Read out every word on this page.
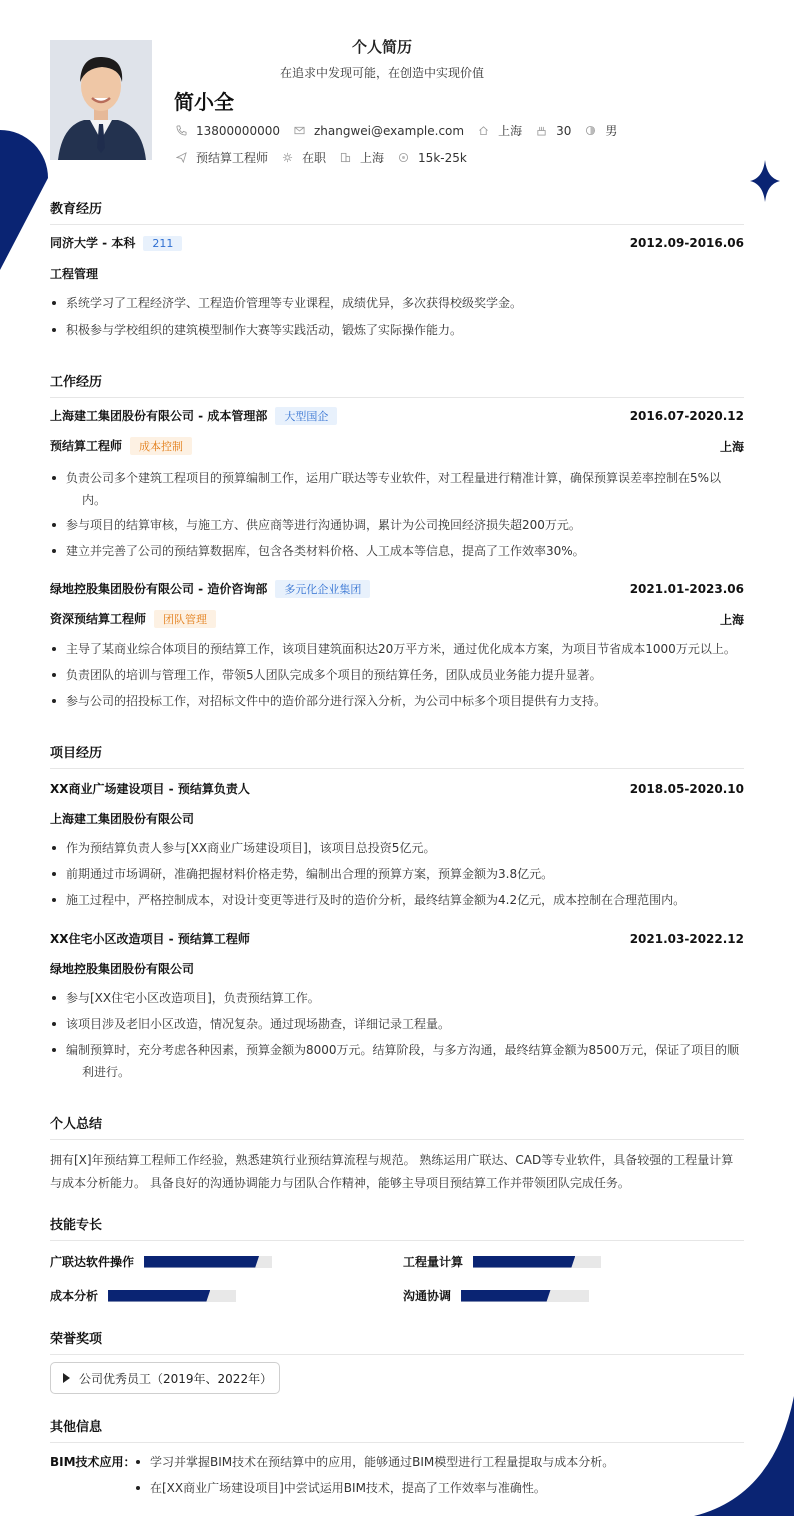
个人简历
在追求中发现可能，在创造中实现价值
简小全
13800000000	zhangwei@example.com	上海	30	男
预结算工程师	在职	上海	15k-25k
教育经历
同济大学 - 本科 211	2012.09-2016.06
工程管理
系统学习了工程经济学、工程造价管理等专业课程，成绩优异，多次获得校级奖学金。
积极参与学校组织的建筑模型制作大赛等实践活动，锻炼了实际操作能力。
工作经历
上海建工集团股份有限公司 - 成本管理部 大型国企	2016.07-2020.12
预结算工程师 成本控制	上海
负责公司多个建筑工程项目的预算编制工作，运用广联达等专业软件，对工程量进行精准计算，确保预算误差率控制在5%以内。
参与项目的结算审核，与施工方、供应商等进行沟通协调，累计为公司挽回经济损失超200万元。
建立并完善了公司的预结算数据库，包含各类材料价格、人工成本等信息，提高了工作效率30%。
绿地控股集团股份有限公司 - 造价咨询部 多元化企业集团	2021.01-2023.06
资深预结算工程师 团队管理	上海
主导了某商业综合体项目的预结算工作，该项目建筑面积达20万平方米，通过优化成本方案，为项目节省成本1000万元以上。
负责团队的培训与管理工作，带领5人团队完成多个项目的预结算任务，团队成员业务能力提升显著。
参与公司的招投标工作，对招标文件中的造价部分进行深入分析，为公司中标多个项目提供有力支持。
项目经历
XX商业广场建设项目 - 预结算负责人	2018.05-2020.10
上海建工集团股份有限公司
作为预结算负责人参与[XX商业广场建设项目]，该项目总投资5亿元。
前期通过市场调研，准确把握材料价格走势，编制出合理的预算方案，预算金额为3.8亿元。
施工过程中，严格控制成本，对设计变更等进行及时的造价分析，最终结算金额为4.2亿元，成本控制在合理范围内。
XX住宅小区改造项目 - 预结算工程师	2021.03-2022.12
绿地控股集团股份有限公司
参与[XX住宅小区改造项目]，负责预结算工作。
该项目涉及老旧小区改造，情况复杂。通过现场勘查，详细记录工程量。
编制预算时，充分考虑各种因素，预算金额为8000万元。结算阶段，与多方沟通，最终结算金额为8500万元，保证了项目的顺利进行。
个人总结
拥有[X]年预结算工程师工作经验，熟悉建筑行业预结算流程与规范。 熟练运用广联达、CAD等专业软件，具备较强的工程量计算与成本分析能力。 具备良好的沟通协调能力与团队合作精神，能够主导项目预结算工作并带领团队完成任务。
技能专长
广联达软件操作	工程量计算
成本分析	沟通协调
荣誉奖项
公司优秀员工（2019年、2022年）
其他信息
BIM技术应用： 学习并掌握BIM技术在预结算中的应用，能够通过BIM模型进行工程量提取与成本分析。
在[XX商业广场建设项目]中尝试运用BIM技术，提高了工作效率与准确性。
